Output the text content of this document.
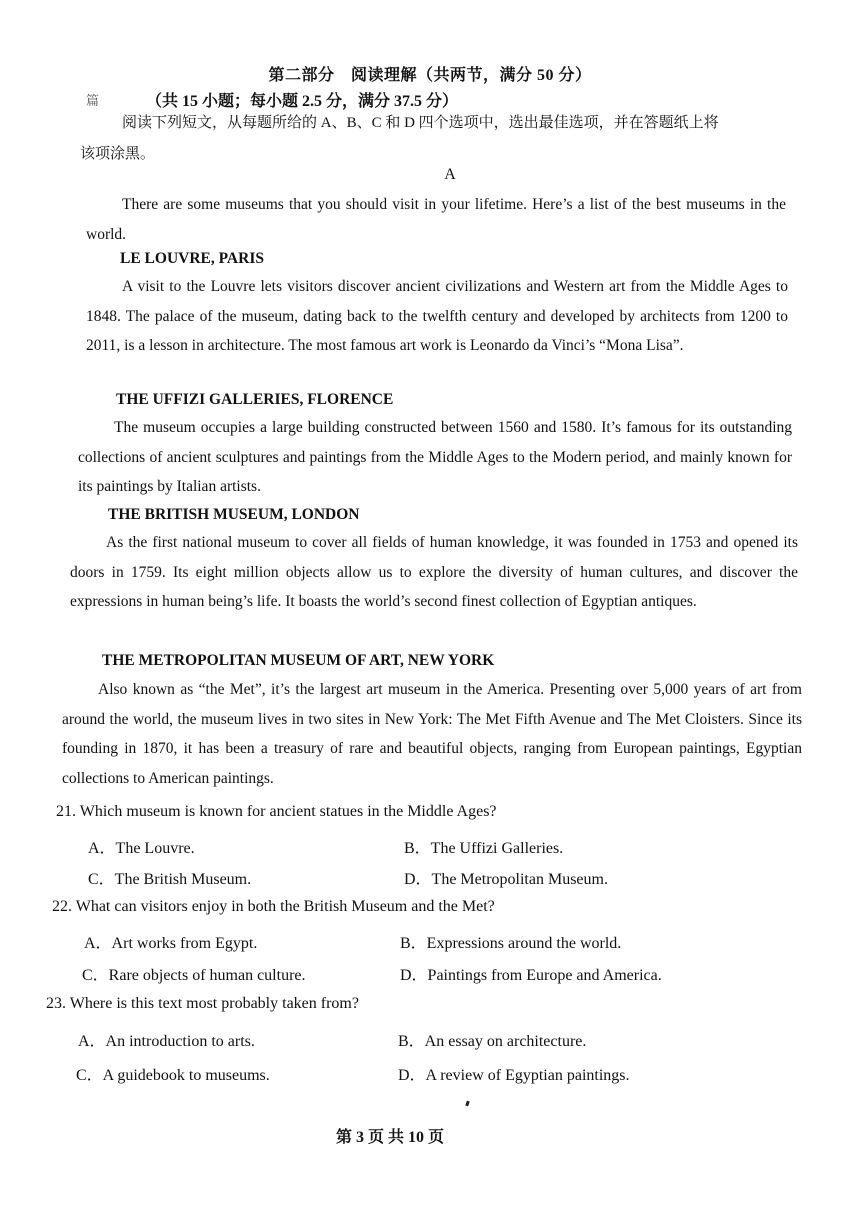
第二部分　阅读理解（共两节，满分 50 分）
篇	（共 15 小题；每小题 2.5 分，满分 37.5 分）
阅读下列短文，从每题所给的 A、B、C 和 D 四个选项中，选出最佳选项，并在答题纸上将
该项涂黑。
A
There are some museums that you should visit in your lifetime. Here’s a list of the best museums in the world.
LE LOUVRE, PARIS
A visit to the Louvre lets visitors discover ancient civilizations and Western art from the Middle Ages to 1848. The palace of the museum, dating back to the twelfth century and developed by architects from 1200 to 2011, is a lesson in architecture. The most famous art work is Leonardo da Vinci’s “Mona Lisa”.
THE UFFIZI GALLERIES, FLORENCE
The museum occupies a large building constructed between 1560 and 1580. It’s famous for its outstanding collections of ancient sculptures and paintings from the Middle Ages to the Modern period, and mainly known for its paintings by Italian artists.
THE BRITISH MUSEUM, LONDON
As the first national museum to cover all fields of human knowledge, it was founded in 1753 and opened its doors in 1759. Its eight million objects allow us to explore the diversity of human cultures, and discover the expressions in human being’s life. It boasts the world’s second finest collection of Egyptian antiques.
THE METROPOLITAN MUSEUM OF ART, NEW YORK
Also known as “the Met”, it’s the largest art museum in the America. Presenting over 5,000 years of art from around the world, the museum lives in two sites in New York: The Met Fifth Avenue and The Met Cloisters. Since its founding in 1870, it has been a treasury of rare and beautiful objects, ranging from European paintings, Egyptian collections to American paintings.
21. Which museum is known for ancient statues in the Middle Ages?
A．The Louvre.	B．The Uffizi Galleries.
C．The British Museum.	D．The Metropolitan Museum.
22. What can visitors enjoy in both the British Museum and the Met?
A．Art works from Egypt.	B．Expressions around the world.
C．Rare objects of human culture.	D．Paintings from Europe and America.
23. Where is this text most probably taken from?
A．An introduction to arts.	B．An essay on architecture.
C．A guidebook to museums.	D．A review of Egyptian paintings.
第 3 页 共 10 页
